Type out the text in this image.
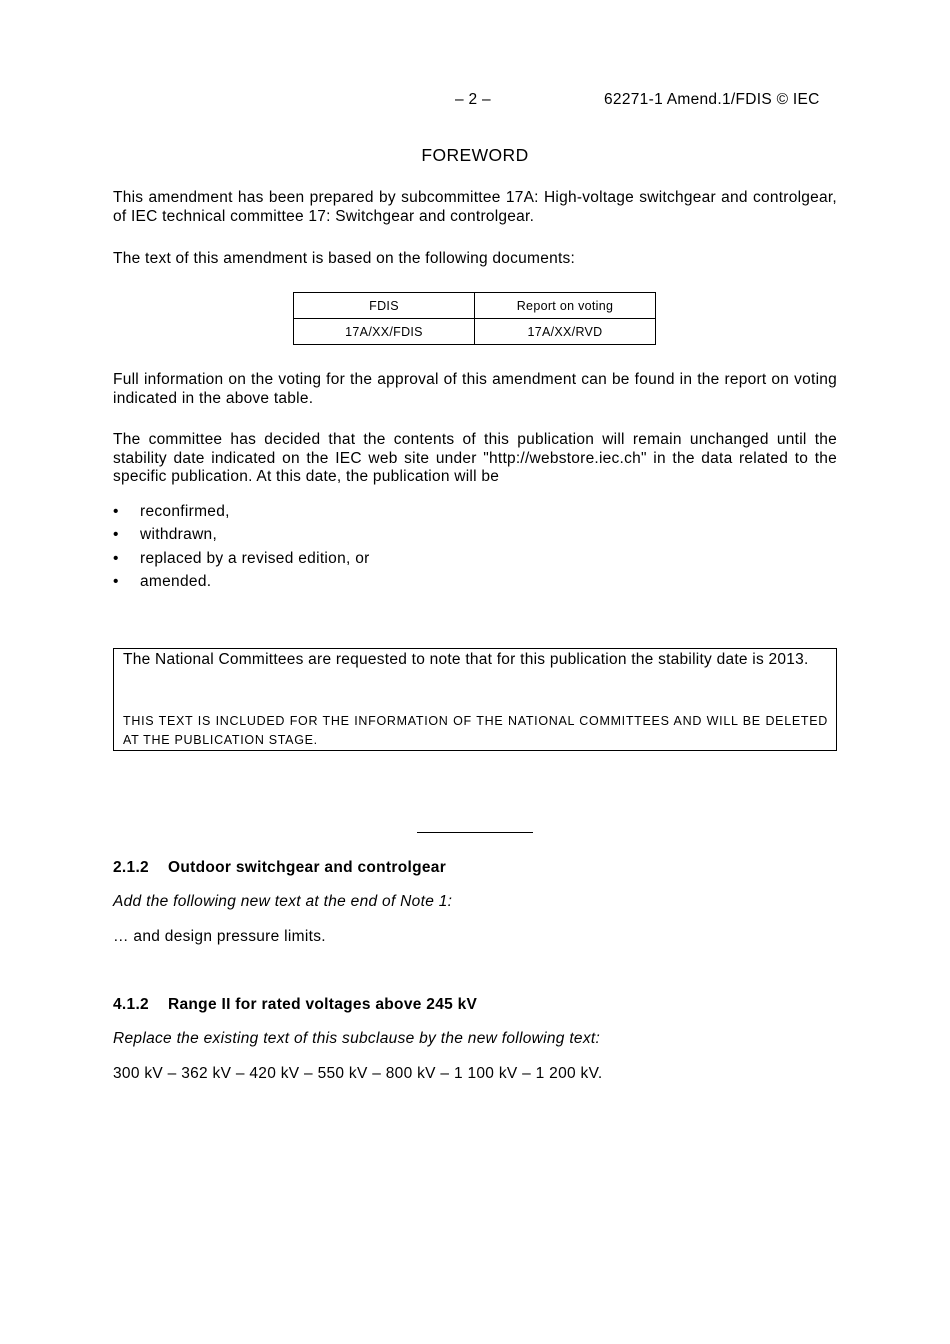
– 2 –	62271-1 Amend.1/FDIS © IEC
FOREWORD

This amendment has been prepared by subcommittee 17A: High-voltage switchgear and controlgear, of IEC technical committee 17: Switchgear and controlgear.

The text of this amendment is based on the following documents:

FDIS	Report on voting
17A/XX/FDIS	17A/XX/RVD

Full information on the voting for the approval of this amendment can be found in the report on voting indicated in the above table.

The committee has decided that the contents of this publication will remain unchanged until the stability date indicated on the IEC web site under "http://webstore.iec.ch" in the data related to the specific publication. At this date, the publication will be

• reconfirmed,
• withdrawn,
• replaced by a revised edition, or
• amended.

The National Committees are requested to note that for this publication the stability date is 2013.

THIS TEXT IS INCLUDED FOR THE INFORMATION OF THE NATIONAL COMMITTEES AND WILL BE DELETED AT THE PUBLICATION STAGE.

2.1.2 Outdoor switchgear and controlgear
Add the following new text at the end of Note 1:
… and design pressure limits.
4.1.2 Range II for rated voltages above 245 kV
Replace the existing text of this subclause by the new following text:
300 kV – 362 kV – 420 kV – 550 kV – 800 kV – 1 100 kV – 1 200 kV.
